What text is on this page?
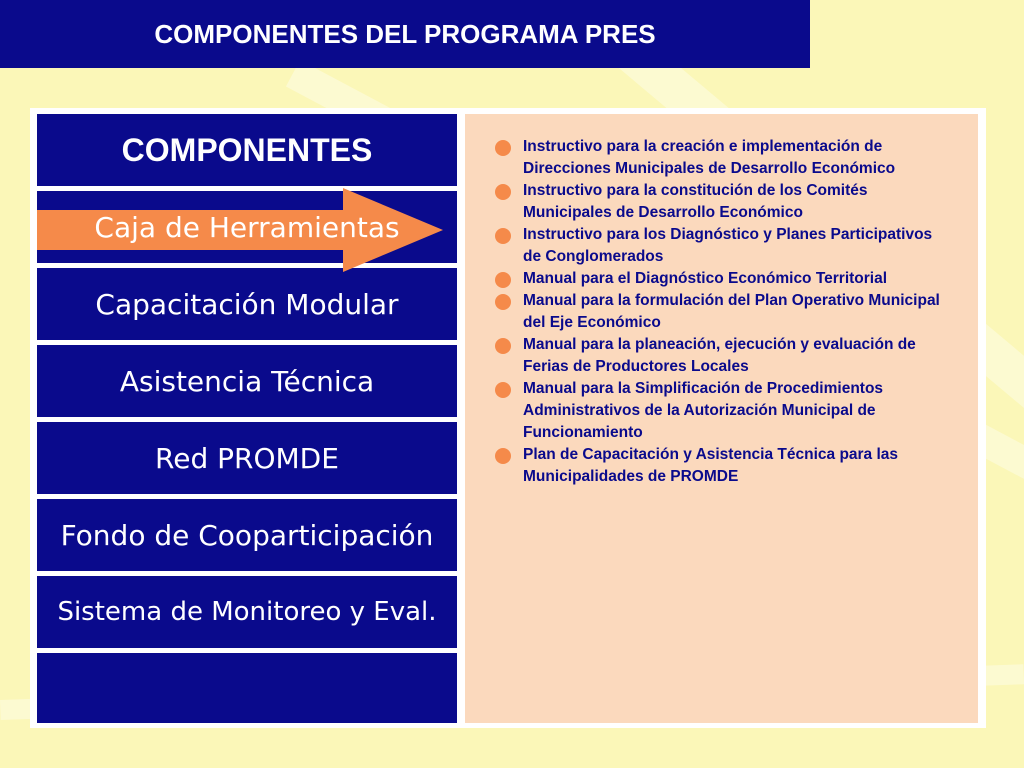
COMPONENTES DEL PROGRAMA PRES
COMPONENTES
Caja de Herramientas
Capacitación Modular
Asistencia Técnica
Red PROMDE
Fondo de Cooparticipación
Sistema de Monitoreo y Eval.
Instructivo para la creación e implementación de Direcciones Municipales de Desarrollo Económico
Instructivo para la constitución de los Comités Municipales de Desarrollo Económico
Instructivo para los Diagnóstico y Planes Participativos de Conglomerados
Manual para el Diagnóstico Económico Territorial
Manual para la formulación del Plan Operativo Municipal del Eje Económico
Manual para la planeación, ejecución y evaluación de Ferias de Productores Locales
Manual para la Simplificación de Procedimientos Administrativos de la Autorización Municipal de Funcionamiento
Plan de Capacitación y Asistencia Técnica para las Municipalidades de PROMDE
